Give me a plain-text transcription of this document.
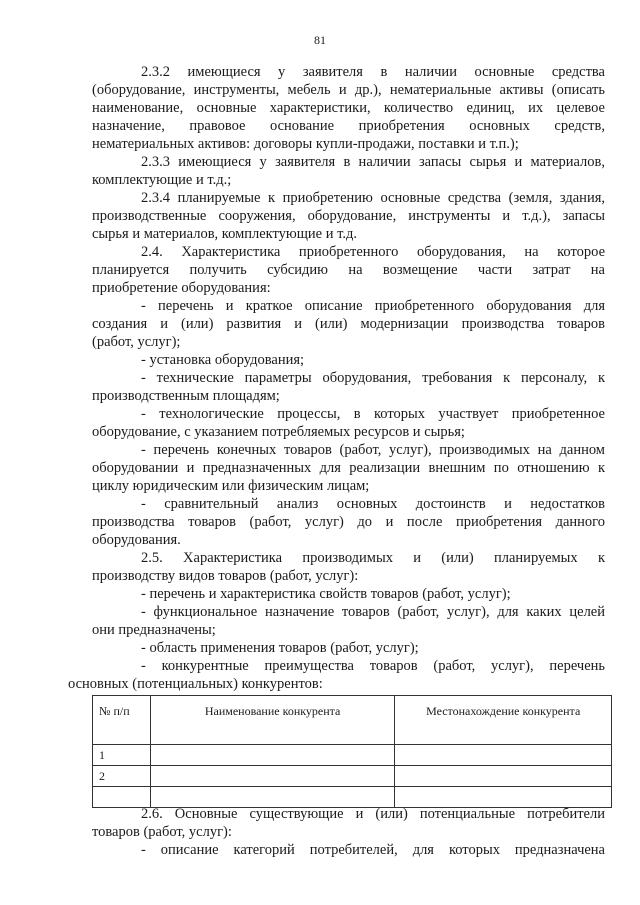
81
2.3.2 имеющиеся у заявителя в наличии основные средства
(оборудование, инструменты, мебель и др.), нематериальные активы (описать
наименование, основные характеристики, количество единиц, их целевое
назначение, правовое основание приобретения основных средств,
нематериальных активов: договоры купли-продажи, поставки и т.п.);
2.3.3 имеющиеся у заявителя в наличии запасы сырья и материалов,
комплектующие и т.д.;
2.3.4 планируемые к приобретению основные средства (земля, здания,
производственные сооружения, оборудование, инструменты и т.д.), запасы
сырья и материалов, комплектующие и т.д.
2.4. Характеристика приобретенного оборудования, на которое
планируется получить субсидию на возмещение части затрат на
приобретение оборудования:
- перечень и краткое описание приобретенного оборудования для
создания и (или) развития и (или) модернизации производства товаров
(работ, услуг);
- установка оборудования;
- технические параметры оборудования, требования к персоналу, к
производственным площадям;
- технологические процессы, в которых участвует приобретенное
оборудование, с указанием потребляемых ресурсов и сырья;
- перечень конечных товаров (работ, услуг), производимых на данном
оборудовании и предназначенных для реализации внешним по отношению к
циклу юридическим или физическим лицам;
- сравнительный анализ основных достоинств и недостатков
производства товаров (работ, услуг) до и после приобретения данного
оборудования.
2.5. Характеристика производимых и (или) планируемых к
производству видов товаров (работ, услуг):
- перечень и характеристика свойств товаров (работ, услуг);
- функциональное назначение товаров (работ, услуг), для каких целей
они предназначены;
- область применения товаров (работ, услуг);
- конкурентные преимущества товаров (работ, услуг), перечень
основных (потенциальных) конкурентов:
№ п/п	Наименование конкурента	Местонахождение конкурента
1		
2		

2.6. Основные существующие и (или) потенциальные потребители
товаров (работ, услуг):
- описание категорий потребителей, для которых предназначена
